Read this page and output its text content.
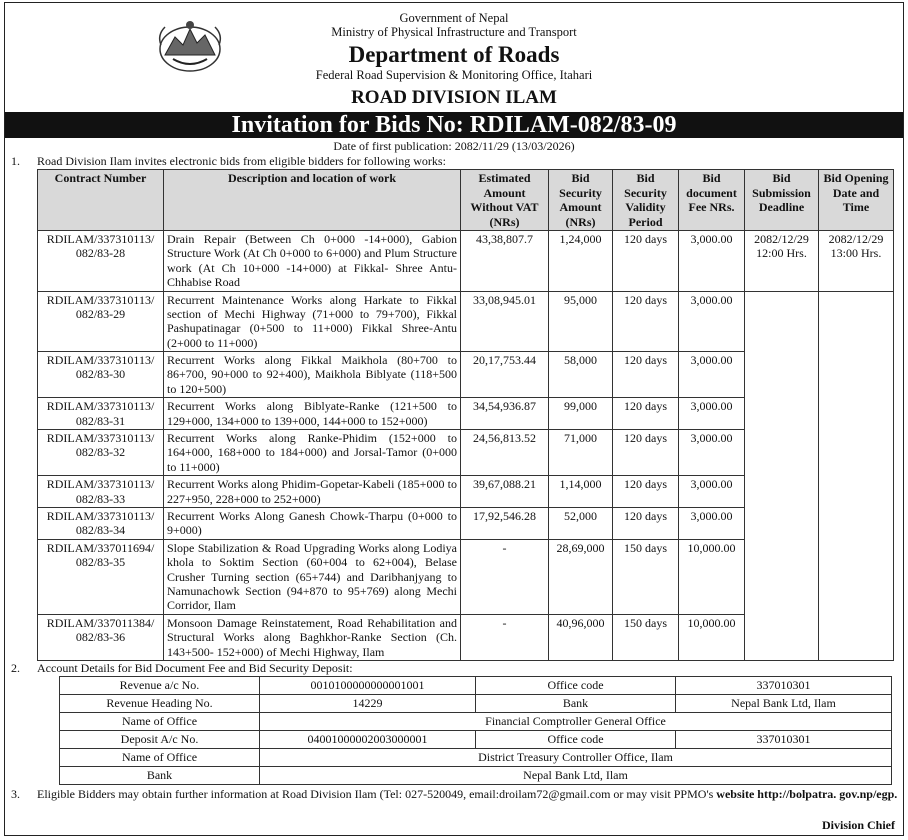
Government of Nepal
Ministry of Physical Infrastructure and Transport
Department of Roads
Federal Road Supervision & Monitoring Office, Itahari
ROAD DIVISION ILAM
Invitation for Bids No: RDILAM-082/83-09
Date of first publication: 2082/11/29 (13/03/2026)
1.	Road Division Ilam invites electronic bids from eligible bidders for following works:
Contract Number	Description and location of work	Estimated Amount Without VAT (NRs)	Bid Security Amount (NRs)	Bid Security Validity Period	Bid document Fee NRs.	Bid Submission Deadline	Bid Opening Date and Time
RDILAM/337310113/ 082/83-28	Drain Repair (Between Ch 0+000 -14+000), Gabion Structure Work (At Ch 0+000 to 6+000) and Plum Structure work (At Ch 10+000 -14+000) at Fikkal- Shree Antu- Chhabise Road	43,38,807.7	1,24,000	120 days	3,000.00	2082/12/29 12:00 Hrs.	2082/12/29 13:00 Hrs.
RDILAM/337310113/ 082/83-29	Recurrent Maintenance Works along Harkate to Fikkal section of Mechi Highway (71+000 to 79+700), Fikkal Pashupatinagar (0+500 to 11+000) Fikkal Shree-Antu (2+000 to 11+000)	33,08,945.01	95,000	120 days	3,000.00		
RDILAM/337310113/ 082/83-30	Recurrent Works along Fikkal Maikhola (80+700 to 86+700, 90+000 to 92+400), Maikhola Biblyate (118+500 to 120+500)	20,17,753.44	58,000	120 days	3,000.00		
RDILAM/337310113/ 082/83-31	Recurrent Works along Biblyate-Ranke (121+500 to 129+000, 134+000 to 139+000, 144+000 to 152+000)	34,54,936.87	99,000	120 days	3,000.00		
RDILAM/337310113/ 082/83-32	Recurrent Works along Ranke-Phidim (152+000 to 164+000, 168+000 to 184+000) and Jorsal-Tamor (0+000 to 11+000)	24,56,813.52	71,000	120 days	3,000.00		
RDILAM/337310113/ 082/83-33	Recurrent Works along Phidim-Gopetar-Kabeli (185+000 to 227+950, 228+000 to 252+000)	39,67,088.21	1,14,000	120 days	3,000.00		
RDILAM/337310113/ 082/83-34	Recurrent Works Along Ganesh Chowk-Tharpu (0+000 to 9+000)	17,92,546.28	52,000	120 days	3,000.00		
RDILAM/337011694/ 082/83-35	Slope Stabilization & Road Upgrading Works along Lodiya khola to Soktim Section (60+004 to 62+004), Belase Crusher Turning section (65+744) and Daribhanjyang to Namunachowk Section (94+870 to 95+769) along Mechi Corridor, Ilam	-	28,69,000	150 days	10,000.00		
RDILAM/337011384/ 082/83-36	Monsoon Damage Reinstatement, Road Rehabilitation and Structural Works along Baghkhor-Ranke Section (Ch. 143+500- 152+000) of Mechi Highway, Ilam	-	40,96,000	150 days	10,000.00		
2.	Account Details for Bid Document Fee and Bid Security Deposit:
Revenue a/c No.	0010100000000001001	Office code	337010301
Revenue Heading No.	14229	Bank	Nepal Bank Ltd, Ilam
Name of Office	Financial Comptroller General Office		
Deposit A/c No.	04001000002003000001	Office code	337010301
Name of Office	District Treasury Controller Office, Ilam		
Bank	Nepal Bank Ltd, Ilam		
3.	Eligible Bidders may obtain further information at Road Division Ilam (Tel: 027-520049, email:droilam72@gmail.com or may visit PPMO's website http://bolpatra. gov.np/egp.
Division Chief
